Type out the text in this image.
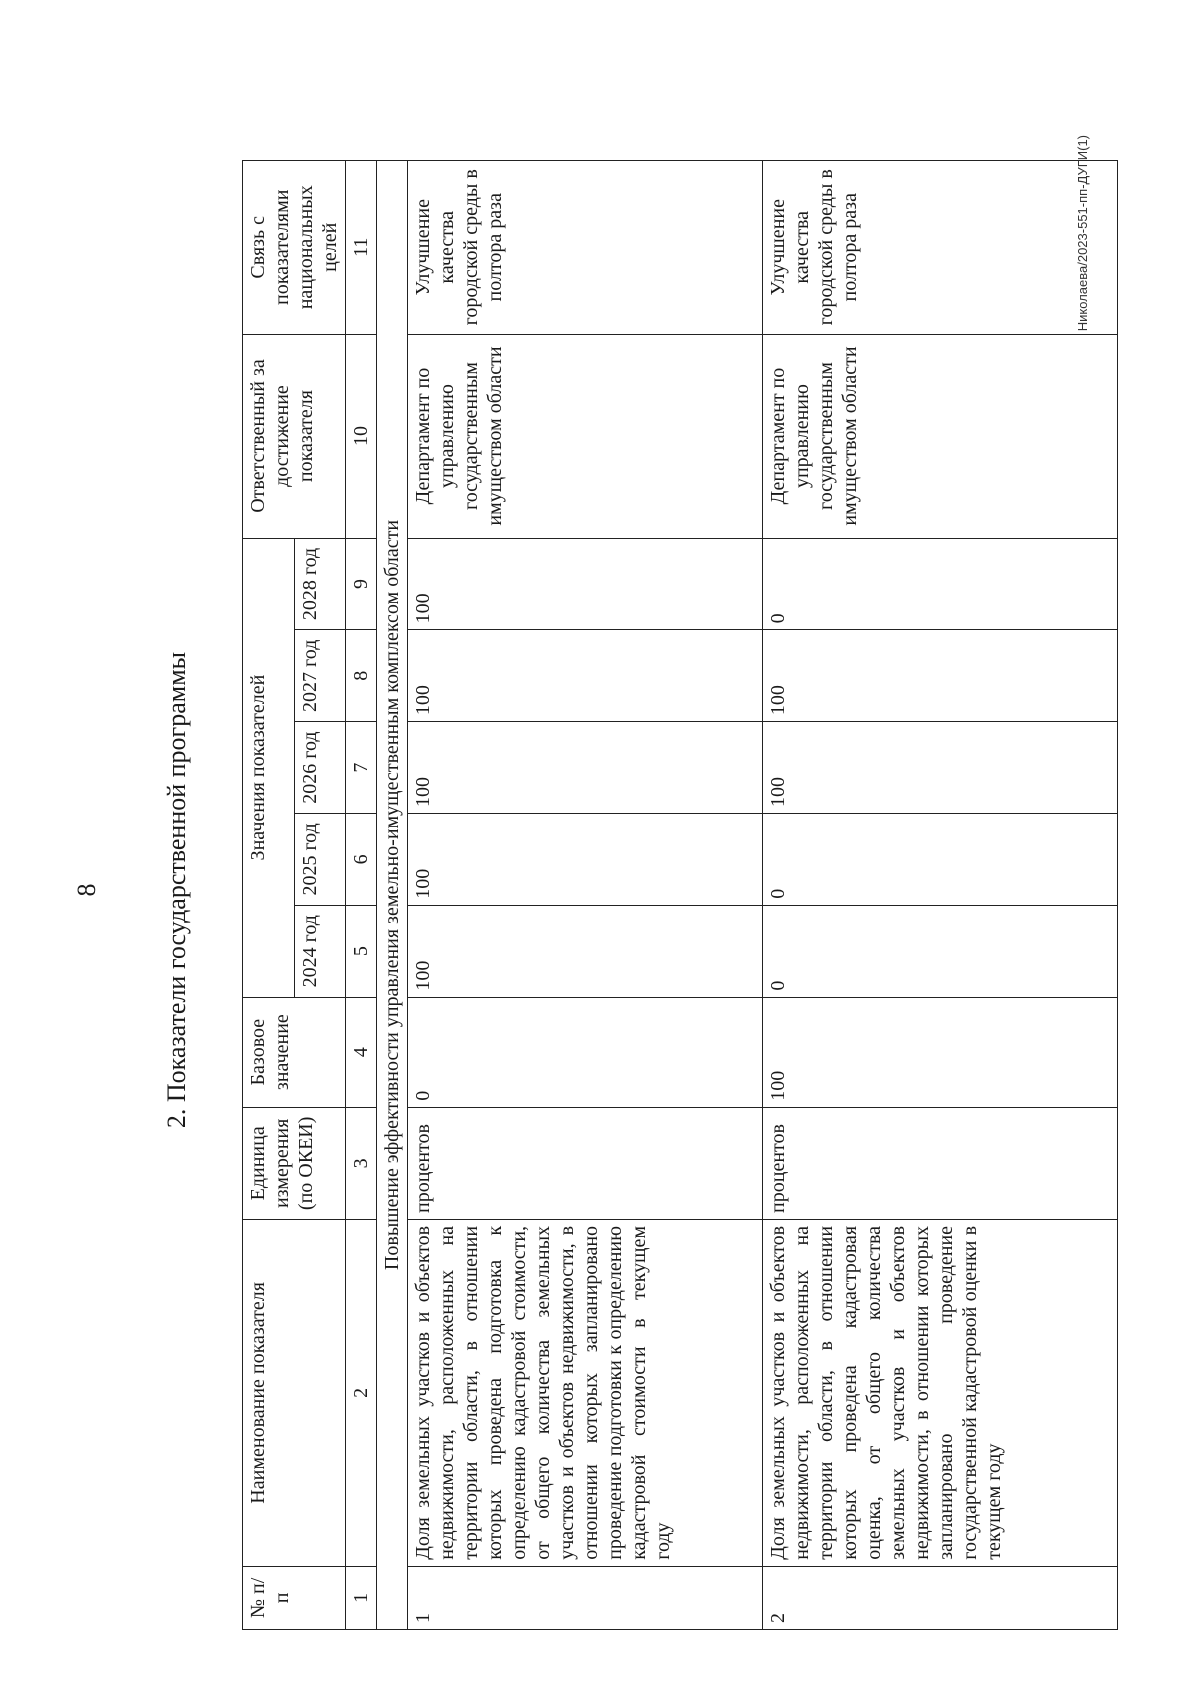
8 2. Показатели государственной программы
№ п/п	Наименование показателя	Единица измерения (по ОКЕИ)	Базовое значение	Значения показателей					Ответственный за достижение показателя	Связь с показателями национальных целей
				2024 год	2025 год	2026 год	2027 год	2028 год		
1	2	3	4	5	6	7	8	9	10	11
Повышение эффективности управления земельно-имущественным комплексом области										
1	Доля земельных участков и объектов недвижимости, расположенных на территории области, в отношении которых проведена подготовка к определению кадастровой стоимости, от общего количества земельных участков и объектов недвижимости, в отношении которых запланировано проведение подготовки к определению кадастровой стоимости в текущем году	процентов	0	100	100	100	100	100	Департамент по управлению государственным имуществом области	Улучшение качества городской среды в полтора раза
2	Доля земельных участков и объектов недвижимости, расположенных на территории области, в отношении которых проведена кадастровая оценка, от общего количества земельных участков и объектов недвижимости, в отношении которых запланировано проведение государственной кадастровой оценки в текущем году	процентов	100	0	0	100	100	0	Департамент по управлению государственным имуществом области	Улучшение качества городской среды в полтора раза	Николаева/2023-551-пп-ДУГИ(1)
